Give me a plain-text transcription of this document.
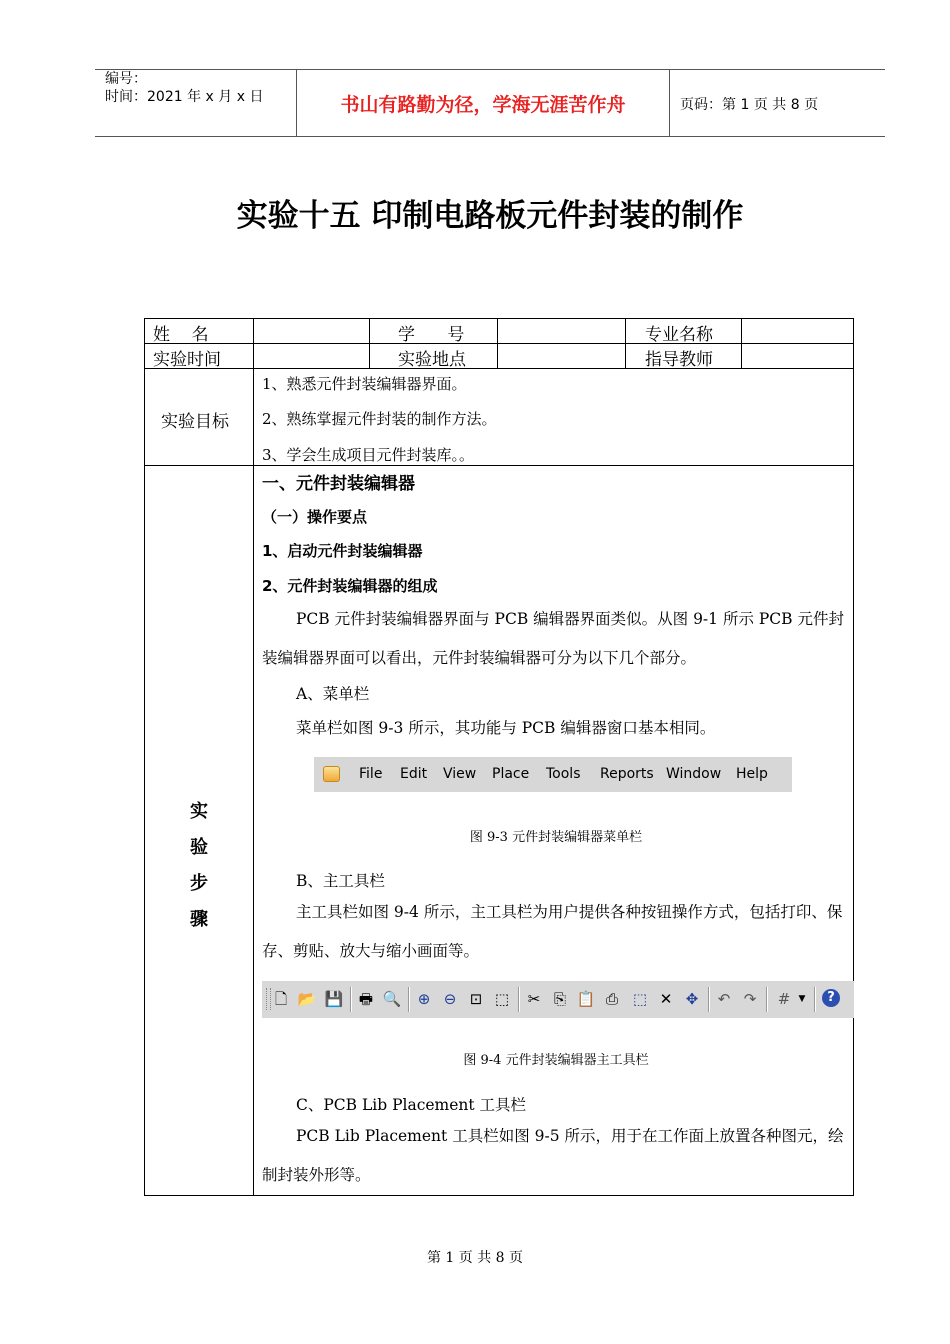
编号：
时间：2021 年 x 月 x 日	书山有路勤为径，学海无涯苦作舟	页码：第 1 页 共 8 页
实验十五 印制电路板元件封装的制作
姓    名	学      号	专业名称
实验时间	实验地点	指导教师
实验目标
1、熟悉元件封装编辑器界面。
2、熟练掌握元件封装的制作方法。
3、学会生成项目元件封装库。。
实
验
步
骤
一、元件封装编辑器
（一）操作要点
1、启动元件封装编辑器
2、元件封装编辑器的组成
PCB 元件封装编辑器界面与 PCB 编辑器界面类似。从图 9-1 所示 PCB 元件封装编辑器界面可以看出，元件封装编辑器可分为以下几个部分。
A、菜单栏
菜单栏如图 9-3 所示，其功能与 PCB 编辑器窗口基本相同。
File Edit View Place Tools Reports Window Help
图 9-3 元件封装编辑器菜单栏
B、主工具栏
主工具栏如图 9-4 所示，主工具栏为用户提供各种按钮操作方式，包括打印、保存、剪贴、放大与缩小画面等。
🗋 📂 💾 🖶 🔍 ⊕ ⊖ ⊡ ⬚ ✂ ⎘ 📋 ⎙ ⬚ ✕ ✥ ↶ ↷ # ▼	?
图 9-4 元件封装编辑器主工具栏
C、PCB Lib Placement 工具栏
PCB Lib Placement 工具栏如图 9-5 所示，用于在工作面上放置各种图元，绘制封装外形等。
第 1 页 共 8 页
